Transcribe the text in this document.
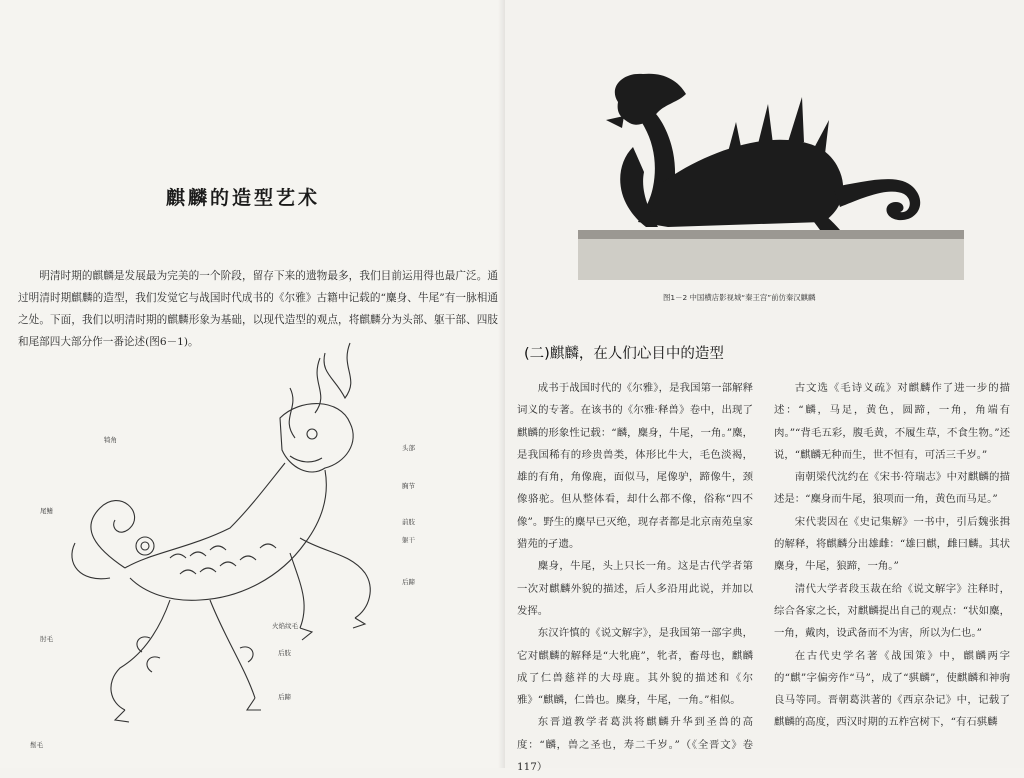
麒麟的造型艺术

明清时期的麒麟是发展最为完美的一个阶段，留存下来的遗物最多，我们目前运用得也最广泛。通过明清时期麒麟的造型，我们发觉它与战国时代成书的《尔雅》古籍中记载的“麋身、牛尾”有一脉相通之处。下面，我们以明清时期的麒麟形象为基础，以现代造型的观点，将麒麟分为头部、躯干部、四肢和尾部四大部分作一番论述(图6－1)。

犄角
头部
胸节
尾鳍
前肢
躯干
后蹄
火焰纹毛
肘毛
后肢
后蹄
鬃毛
图1－2 中国横店影视城“秦王宫”前仿秦汉麒麟
(二)麒麟，在人们心目中的造型

成书于战国时代的《尔雅》，是我国第一部解释词义的专著。在该书的《尔雅·释兽》卷中，出现了麒麟的形象性记载：“麟，麋身，牛尾，一角。”麋，是我国稀有的珍贵兽类，体形比牛大，毛色淡褐，雄的有角，角像鹿，面似马，尾像驴，蹄像牛，颈像骆驼。但从整体看，却什么都不像，俗称“四不像”。野生的麋早已灭绝，现存者都是北京南苑皇家猎苑的孑遗。

麋身，牛尾，头上只长一角。这是古代学者第一次对麒麟外貌的描述，后人多沿用此说，并加以发挥。

东汉许慎的《说文解字》，是我国第一部字典，它对麒麟的解释是“大牝鹿”，牝者，畜母也，麒麟成了仁兽慈祥的大母鹿。其外貌的描述和《尔雅》“麒麟，仁兽也。麋身，牛尾，一角。”相似。

东晋道教学者葛洪将麒麟升华到圣兽的高度：“麟，兽之圣也，寿二千岁。”（《全晋文》卷117）

古文选《毛诗义疏》对麒麟作了进一步的描述：“麟，马足，黄色，圆蹄，一角，角端有肉。”“背毛五彩，腹毛黄，不履生草，不食生物。”还说，“麒麟无种而生，世不恒有，可活三千岁。”

南朝梁代沈约在《宋书·符瑞志》中对麒麟的描述是：“麋身而牛尾，狼项而一角，黄色而马足。”

宋代裴因在《史记集解》一书中，引后魏张揖的解释，将麒麟分出雄雌：“雄曰麒，雌曰麟。其状麋身，牛尾，狼蹄，一角。”

清代大学者段玉裁在给《说文解字》注释时，综合各家之长，对麒麟提出自己的观点：“状如麋，一角，戴肉，设武备而不为害，所以为仁也。”

在古代史学名著《战国策》中，麒麟两字的“麒”字偏旁作“马”，成了“骐麟”，使麒麟和神驹良马等同。晋朝葛洪著的《西京杂记》中，记载了麒麟的高度，西汉时期的五柞宫树下，“有石骐麟
